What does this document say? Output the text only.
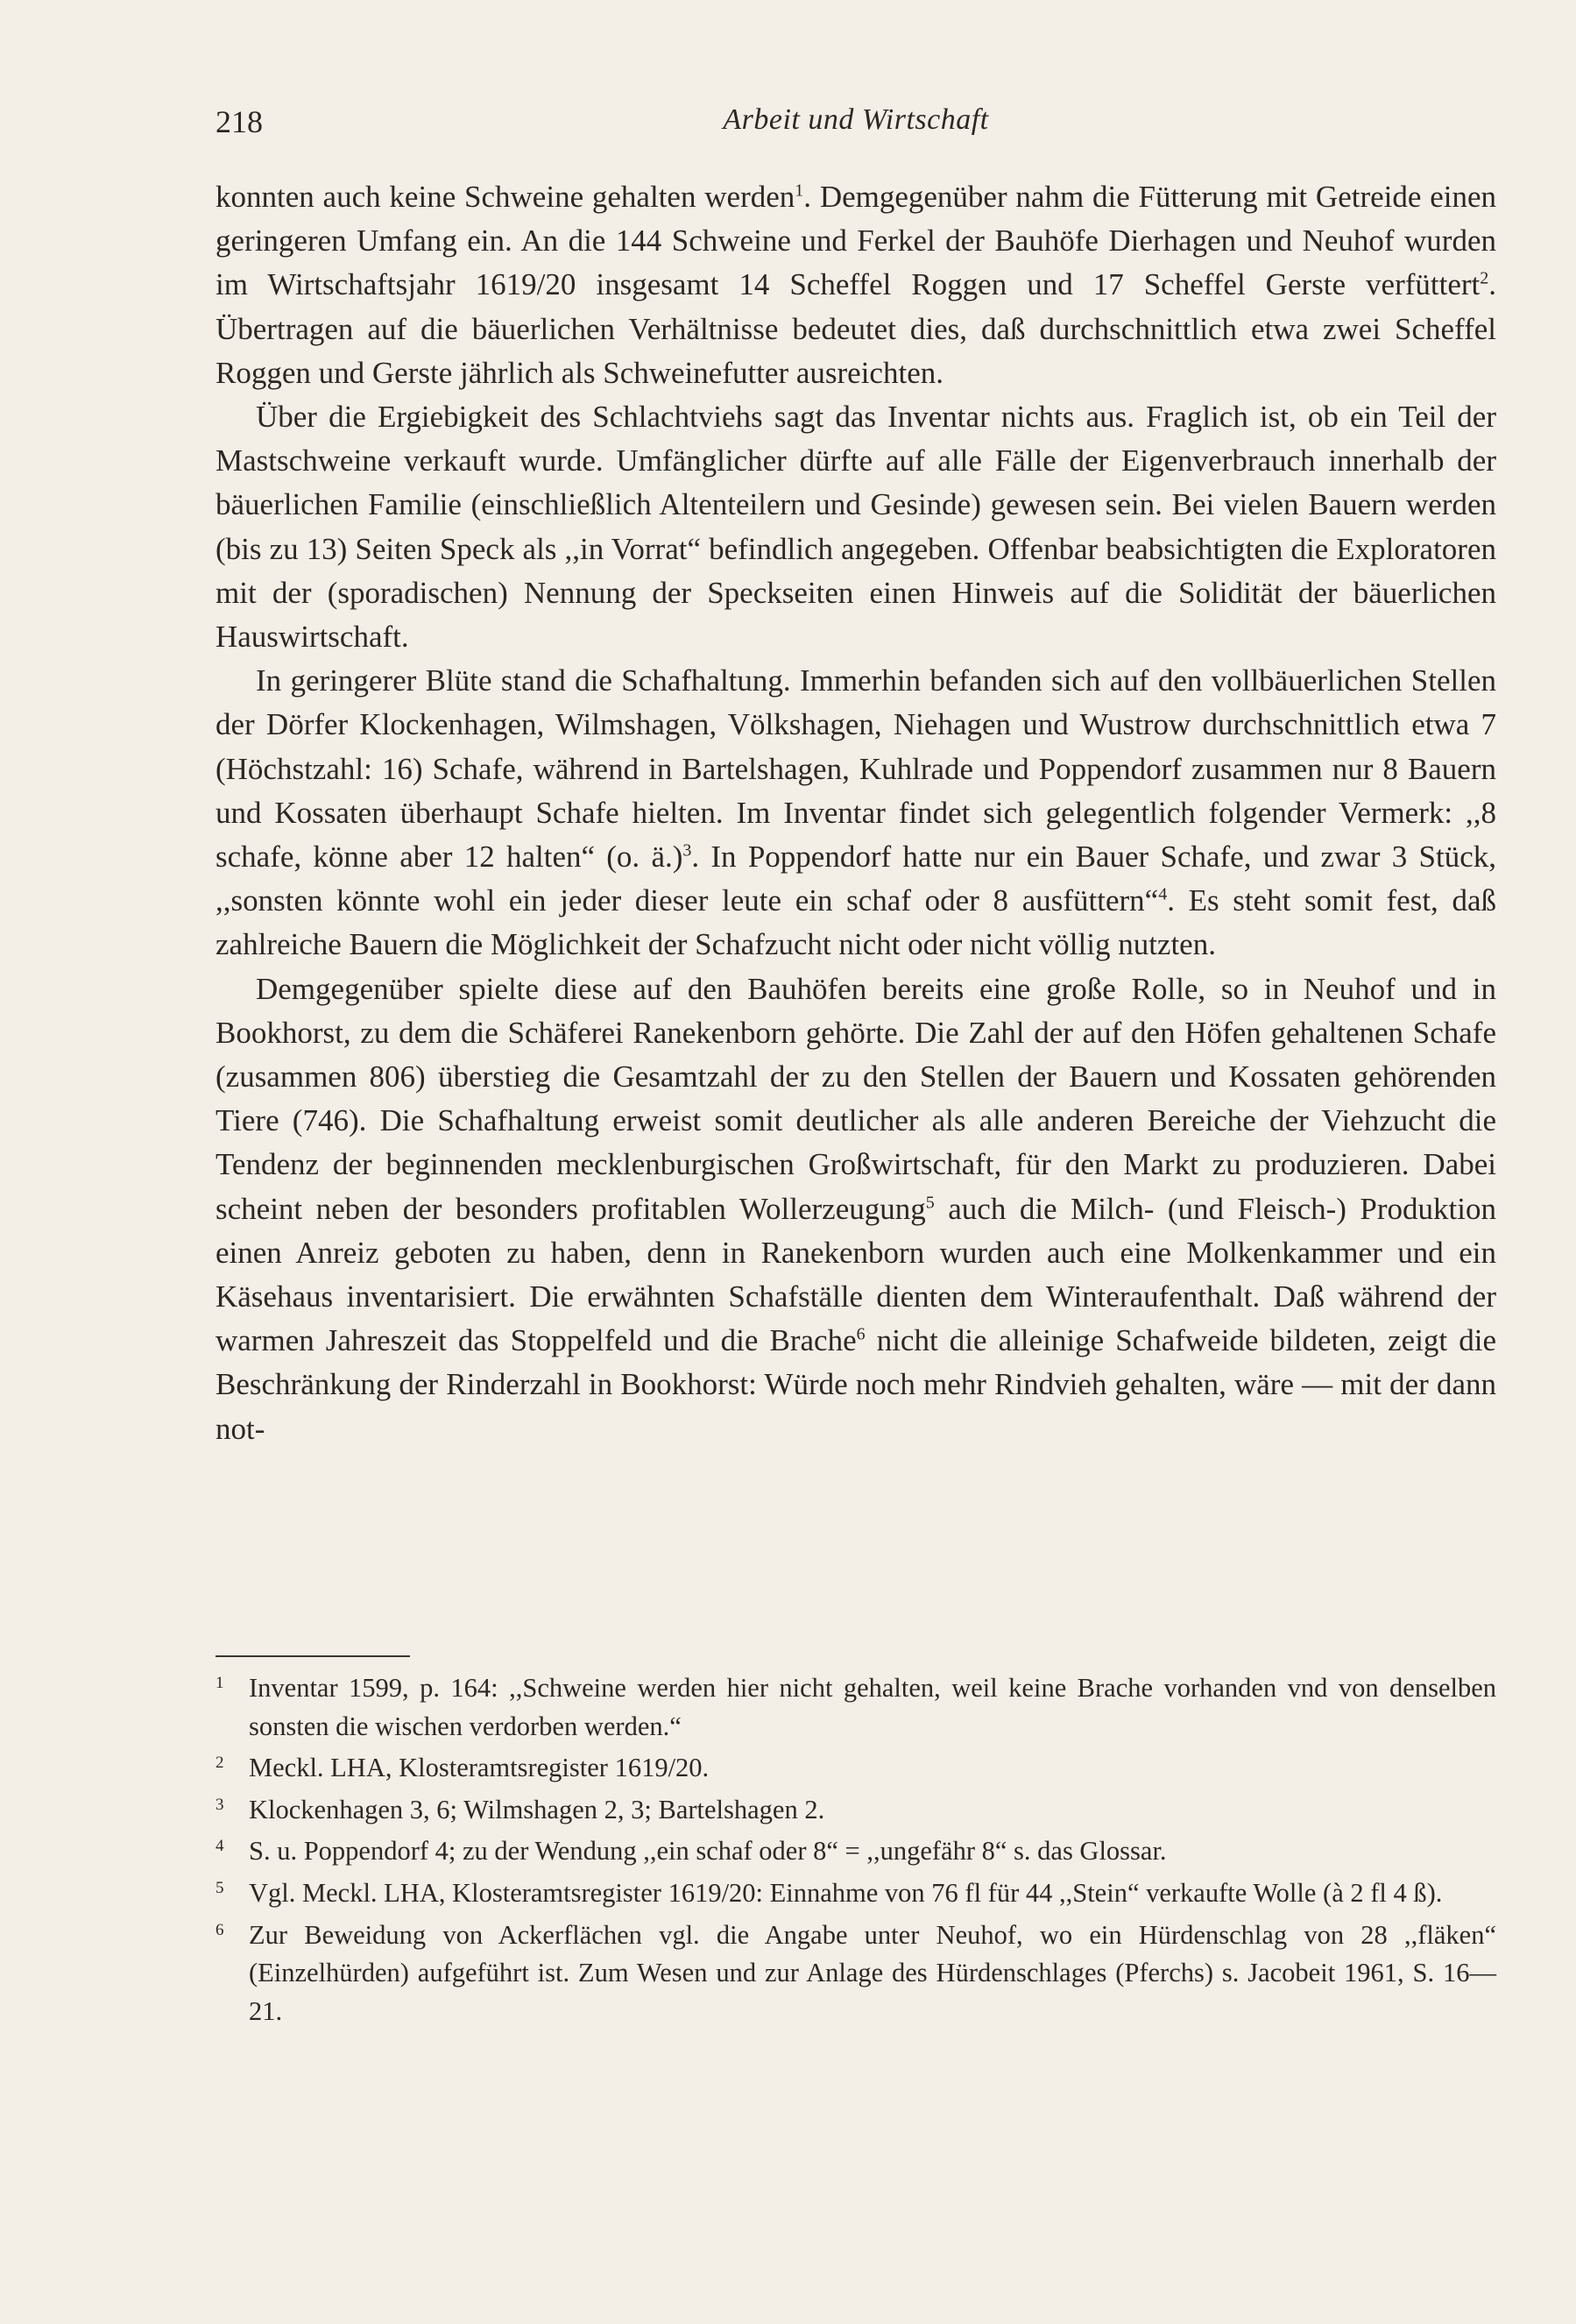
218	Arbeit und Wirtschaft

konnten auch keine Schweine gehalten werden$^1$. Demgegenüber nahm die Fütterung mit Getreide einen geringeren Umfang ein. An die 144 Schweine und Ferkel der Bauhöfe Dierhagen und Neuhof wurden im Wirtschaftsjahr 1619/20 insgesamt 14 Scheffel Roggen und 17 Scheffel Gerste verfüttert$^2$. Übertragen auf die bäuerlichen Verhältnisse bedeutet dies, daß durchschnittlich etwa zwei Scheffel Roggen und Gerste jährlich als Schweinefutter ausreichten.

Über die Ergiebigkeit des Schlachtviehs sagt das Inventar nichts aus. Fraglich ist, ob ein Teil der Mastschweine verkauft wurde. Umfänglicher dürfte auf alle Fälle der Eigenverbrauch innerhalb der bäuerlichen Familie (einschließlich Altenteilern und Gesinde) gewesen sein. Bei vielen Bauern werden (bis zu 13) Seiten Speck als ,,in Vorrat“ befindlich angegeben. Offenbar beabsichtigten die Exploratoren mit der (sporadischen) Nennung der Speckseiten einen Hinweis auf die Solidität der bäuerlichen Hauswirtschaft.

In geringerer Blüte stand die Schafhaltung. Immerhin befanden sich auf den vollbäuerlichen Stellen der Dörfer Klockenhagen, Wilmshagen, Völkshagen, Niehagen und Wustrow durchschnittlich etwa 7 (Höchstzahl: 16) Schafe, während in Bartelshagen, Kuhlrade und Poppendorf zusammen nur 8 Bauern und Kossaten überhaupt Schafe hielten. Im Inventar findet sich gelegentlich folgender Vermerk: ,,8 schafe, könne aber 12 halten“ (o. ä.)$^3$. In Poppendorf hatte nur ein Bauer Schafe, und zwar 3 Stück, ,,sonsten könnte wohl ein jeder dieser leute ein schaf oder 8 ausfüttern“$^4$. Es steht somit fest, daß zahlreiche Bauern die Möglichkeit der Schafzucht nicht oder nicht völlig nutzten.

Demgegenüber spielte diese auf den Bauhöfen bereits eine große Rolle, so in Neuhof und in Bookhorst, zu dem die Schäferei Ranekenborn gehörte. Die Zahl der auf den Höfen gehaltenen Schafe (zusammen 806) überstieg die Gesamtzahl der zu den Stellen der Bauern und Kossaten gehörenden Tiere (746). Die Schafhaltung erweist somit deutlicher als alle anderen Bereiche der Viehzucht die Tendenz der beginnenden mecklenburgischen Großwirtschaft, für den Markt zu produzieren. Dabei scheint neben der besonders profitablen Wollerzeugung$^5$ auch die Milch- (und Fleisch-) Produktion einen Anreiz geboten zu haben, denn in Ranekenborn wurden auch eine Molkenkammer und ein Käsehaus inventarisiert. Die erwähnten Schafställe dienten dem Winteraufenthalt. Daß während der warmen Jahreszeit das Stoppelfeld und die Brache$^6$ nicht die alleinige Schafweide bildeten, zeigt die Beschränkung der Rinderzahl in Bookhorst: Würde noch mehr Rindvieh gehalten, wäre — mit der dann not-

1 Inventar 1599, p. 164: ,,Schweine werden hier nicht gehalten, weil keine Brache vorhanden vnd von denselben sonsten die wischen verdorben werden.“
2 Meckl. LHA, Klosteramtsregister 1619/20.
3 Klockenhagen 3, 6; Wilmshagen 2, 3; Bartelshagen 2.
4 S. u. Poppendorf 4; zu der Wendung ,,ein schaf oder 8“ = ,,ungefähr 8“ s. das Glossar.
5 Vgl. Meckl. LHA, Klosteramtsregister 1619/20: Einnahme von 76 fl für 44 ,,Stein“ verkaufte Wolle (à 2 fl 4 ß).
6 Zur Beweidung von Ackerflächen vgl. die Angabe unter Neuhof, wo ein Hürdenschlag von 28 ,,fläken“ (Einzelhürden) aufgeführt ist. Zum Wesen und zur Anlage des Hürdenschlages (Pferchs) s. Jacobeit 1961, S. 16—21.
